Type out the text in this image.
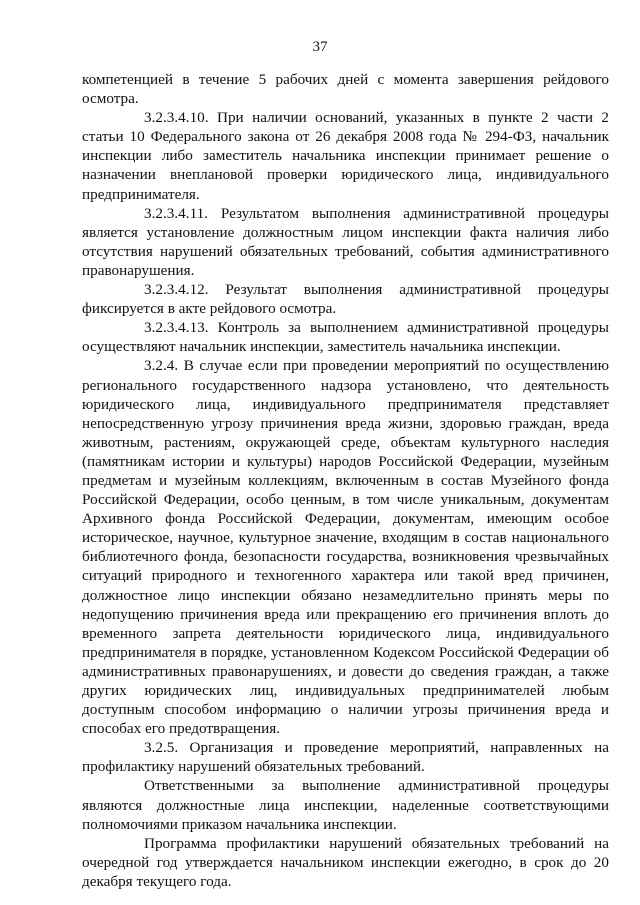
37

компетенцией в течение 5 рабочих дней с момента завершения рейдового осмотра.

3.2.3.4.10. При наличии оснований, указанных в пункте 2 части 2 статьи 10 Федерального закона от 26 декабря 2008 года № 294-ФЗ, начальник инспекции либо заместитель начальника инспекции принимает решение о назначении внеплановой проверки юридического лица, индивидуального предпринимателя.

3.2.3.4.11. Результатом выполнения административной процедуры является установление должностным лицом инспекции факта наличия либо отсутствия нарушений обязательных требований, события административного правонарушения.

3.2.3.4.12. Результат выполнения административной процедуры фиксируется в акте рейдового осмотра.

3.2.3.4.13. Контроль за выполнением административной процедуры осуществляют начальник инспекции, заместитель начальника инспекции.

3.2.4. В случае если при проведении мероприятий по осуществлению регионального государственного надзора установлено, что деятельность юридического лица, индивидуального предпринимателя представляет непосредственную угрозу причинения вреда жизни, здоровью граждан, вреда животным, растениям, окружающей среде, объектам культурного наследия (памятникам истории и культуры) народов Российской Федерации, музейным предметам и музейным коллекциям, включенным в состав Музейного фонда Российской Федерации, особо ценным, в том числе уникальным, документам Архивного фонда Российской Федерации, документам, имеющим особое историческое, научное, культурное значение, входящим в состав национального библиотечного фонда, безопасности государства, возникновения чрезвычайных ситуаций природного и техногенного характера или такой вред причинен, должностное лицо инспекции обязано незамедлительно принять меры по недопущению причинения вреда или прекращению его причинения вплоть до временного запрета деятельности юридического лица, индивидуального предпринимателя в порядке, установленном Кодексом Российской Федерации об административных правонарушениях, и довести до сведения граждан, а также других юридических лиц, индивидуальных предпринимателей любым доступным способом информацию о наличии угрозы причинения вреда и способах его предотвращения.

3.2.5. Организация и проведение мероприятий, направленных на профилактику нарушений обязательных требований.

Ответственными за выполнение административной процедуры являются должностные лица инспекции, наделенные соответствующими полномочиями приказом начальника инспекции.

Программа профилактики нарушений обязательных требований на очередной год утверждается начальником инспекции ежегодно, в срок до 20 декабря текущего года.
